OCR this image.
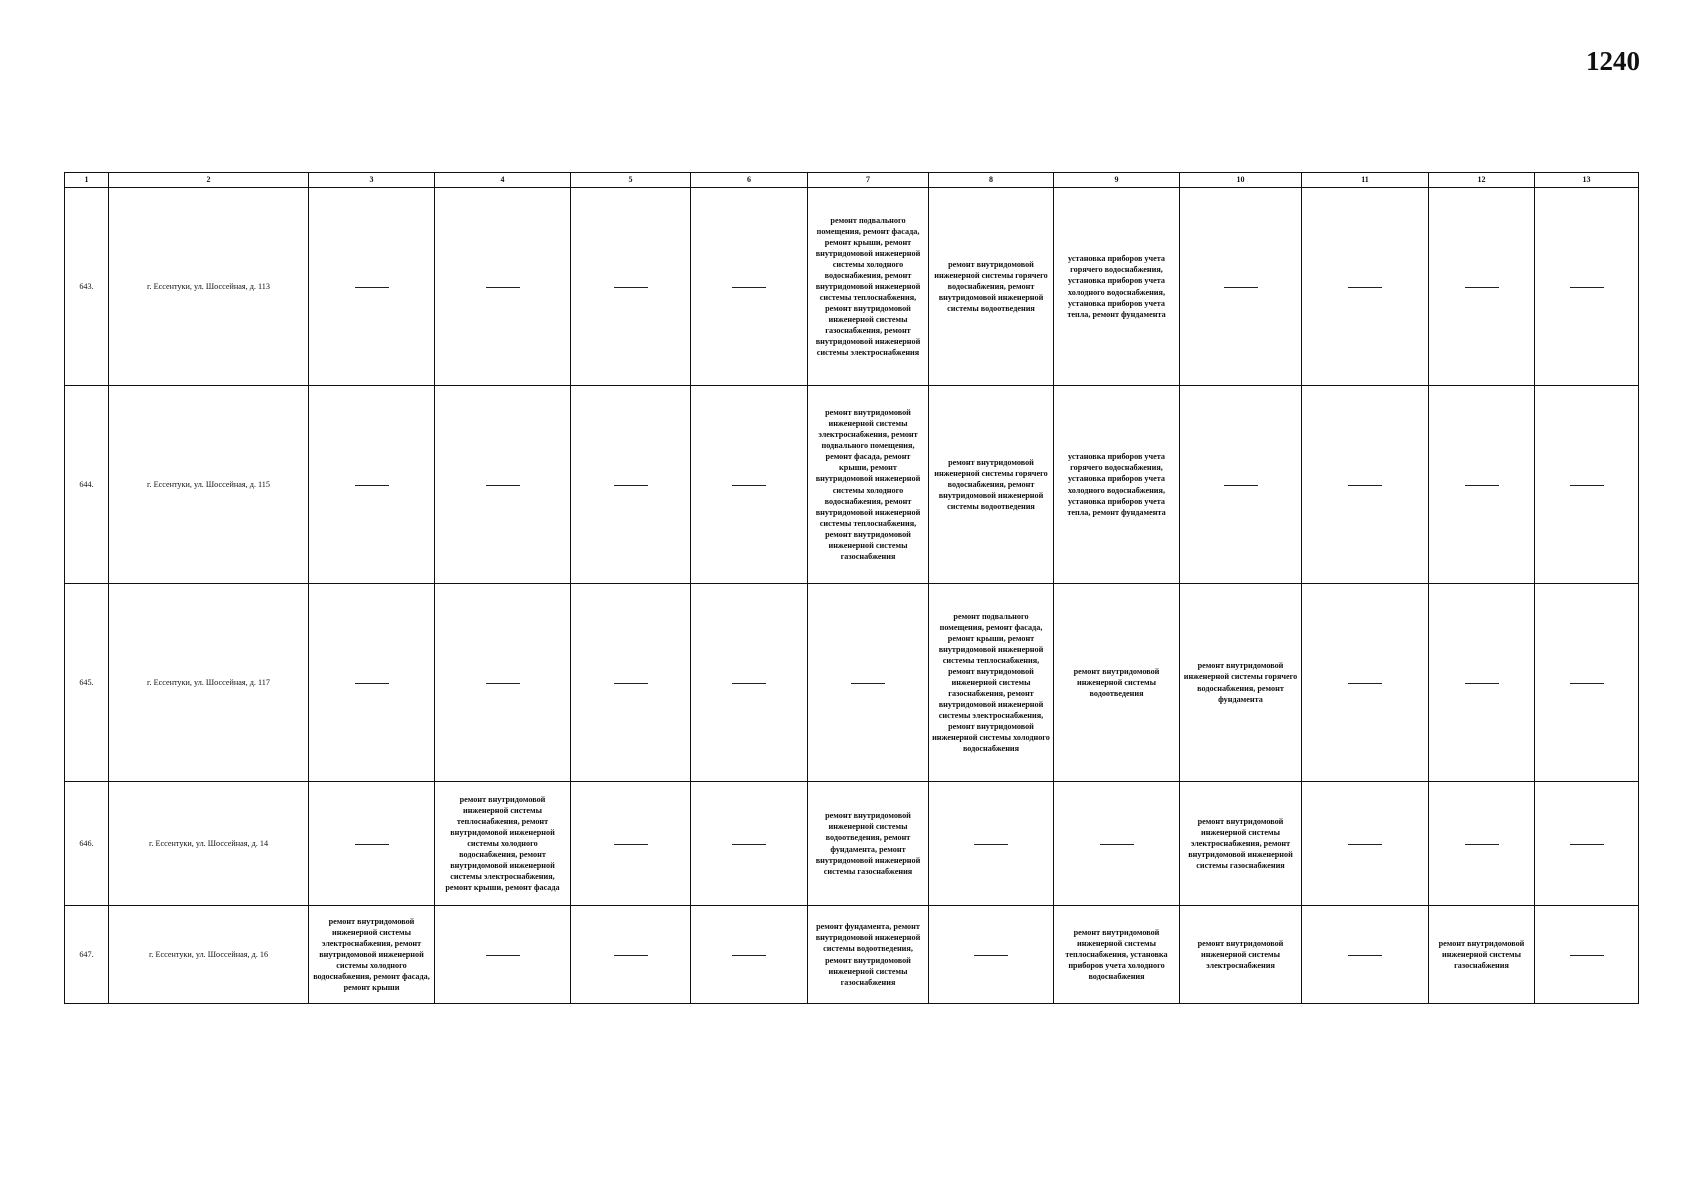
1240
1	2	3	4	5	6	7	8	9	10	11	12	13
643.	г. Ессентуки, ул. Шоссейная, д. 113					ремонт подвального помещения, ремонт фасада, ремонт крыши, ремонт внутридомовой инженерной системы холодного водоснабжения, ремонт внутридомовой инженерной системы теплоснабжения, ремонт внутридомовой инженерной системы газоснабжения, ремонт внутридомовой инженерной системы электроснабжения	ремонт внутридомовой инженерной системы горячего водоснабжения, ремонт внутридомовой инженерной системы водоотведения	установка приборов учета горячего водоснабжения, установка приборов учета холодного водоснабжения, установка приборов учета тепла, ремонт фундамента				
644.	г. Ессентуки, ул. Шоссейная, д. 115					ремонт внутридомовой инженерной системы электроснабжения, ремонт подвального помещения, ремонт фасада, ремонт крыши, ремонт внутридомовой инженерной системы холодного водоснабжения, ремонт внутридомовой инженерной системы теплоснабжения, ремонт внутридомовой инженерной системы газоснабжения	ремонт внутридомовой инженерной системы горячего водоснабжения, ремонт внутридомовой инженерной системы водоотведения	установка приборов учета горячего водоснабжения, установка приборов учета холодного водоснабжения, установка приборов учета тепла, ремонт фундамента				
645.	г. Ессентуки, ул. Шоссейная, д. 117						ремонт подвального помещения, ремонт фасада, ремонт крыши, ремонт внутридомовой инженерной системы теплоснабжения, ремонт внутридомовой инженерной системы газоснабжения, ремонт внутридомовой инженерной системы электроснабжения, ремонт внутридомовой инженерной системы холодного водоснабжения	ремонт внутридомовой инженерной системы водоотведения	ремонт внутридомовой инженерной системы горячего водоснабжения, ремонт фундамента			
646.	г. Ессентуки, ул. Шоссейная, д. 14		ремонт внутридомовой инженерной системы теплоснабжения, ремонт внутридомовой инженерной системы холодного водоснабжения, ремонт внутридомовой инженерной системы электроснабжения, ремонт крыши, ремонт фасада			ремонт внутридомовой инженерной системы водоотведения, ремонт фундамента, ремонт внутридомовой инженерной системы газоснабжения			ремонт внутридомовой инженерной системы электроснабжения, ремонт внутридомовой инженерной системы газоснабжения			
647.	г. Ессентуки, ул. Шоссейная, д. 16	ремонт внутридомовой инженерной системы электроснабжения, ремонт внутридомовой инженерной системы холодного водоснабжения, ремонт фасада, ремонт крыши				ремонт фундамента, ремонт внутридомовой инженерной системы водоотведения, ремонт внутридомовой инженерной системы газоснабжения		ремонт внутридомовой инженерной системы теплоснабжения, установка приборов учета холодного водоснабжения	ремонт внутридомовой инженерной системы электроснабжения		ремонт внутридомовой инженерной системы газоснабжения	
